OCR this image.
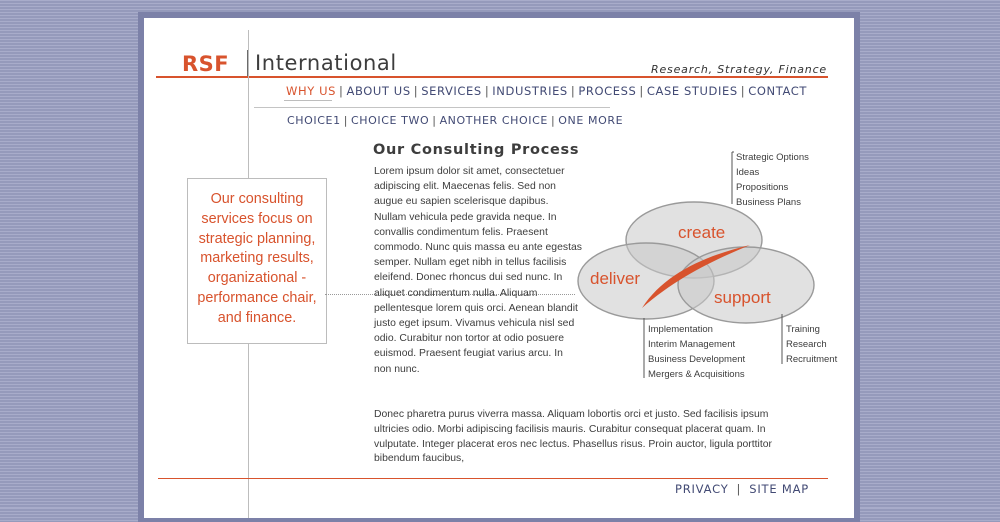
RSF International	Research, Strategy, Finance
WHY US | ABOUT US | SERVICES | INDUSTRIES | PROCESS | CASE STUDIES | CONTACT
CHOICE1 | CHOICE TWO | ANOTHER CHOICE | ONE MORE
Our consulting services focus on strategic planning, marketing results, organizational - performance chair, and finance.
Our Consulting Process
Lorem ipsum dolor sit amet, consectetuer adipiscing elit. Maecenas felis. Sed non augue eu sapien scelerisque dapibus. Nullam vehicula pede gravida neque. In convallis condimentum felis. Praesent commodo. Nunc quis massa eu ante egestas semper. Nullam eget nibh in tellus facilisis eleifend. Donec rhoncus dui sed nunc. In aliquet condimentum nulla. Aliquam pellentesque lorem quis orci. Aenean blandit justo eget ipsum. Vivamus vehicula nisl sed odio. Curabitur non tortor at odio posuere euismod. Praesent feugiat varius arcu. In non nunc.
Donec pharetra purus viverra massa. Aliquam lobortis orci et justo. Sed facilisis ipsum ultricies odio. Morbi adipiscing facilisis mauris. Curabitur consequat placerat quam. In vulputate. Integer placerat eros nec lectus. Phasellus risus. Proin auctor, ligula porttitor bibendum faucibus,
Strategic Options
Ideas
Propositions
Business Plans
create
deliver
support
Implementation
Interim Management
Business Development
Mergers & Acquisitions
Training
Research
Recruitment
PRIVACY | SITE MAP
